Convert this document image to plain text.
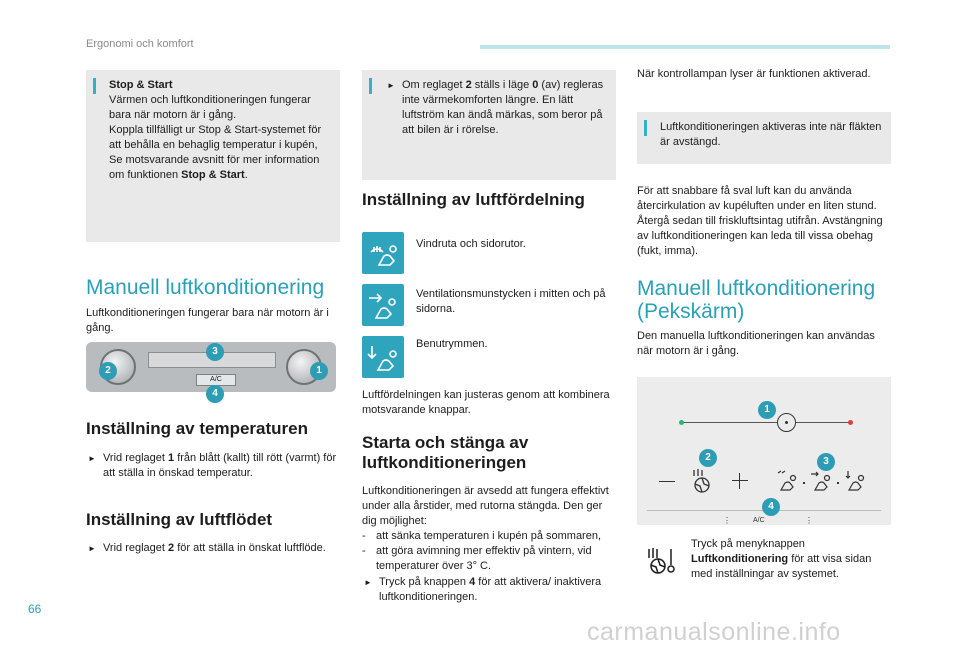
Ergonomi och komfort

Stop & Start

Värmen och luftkonditioneringen fungerar bara när motorn är i gång.

Koppla tillfälligt ur Stop & Start-systemet för att behålla en behaglig temperatur i kupén,

Se motsvarande avsnitt för mer information om funktionen Stop & Start.

Manuell luftkonditionering
Luftkonditioneringen fungerar bara när motorn är i gång.
A/C
3
2	1
4
Inställning av temperaturen
► Vrid reglaget 1 från blått (kallt) till rött (varmt) för att ställa in önskad temperatur.
Inställning av luftflödet
► Vrid reglaget 2 för att ställa in önskat luftflöde.
► Om reglaget 2 ställs i läge 0 (av) regleras inte värmekomforten längre. En lätt luftström kan ändå märkas, som beror på att bilen är i rörelse.
Inställning av luftfördelning
Vindruta och sidorutor.
Ventilationsmunstycken i mitten och på sidorna.
Benutrymmen.
Luftfördelningen kan justeras genom att kombinera motsvarande knappar.
Starta och stänga av luftkonditioneringen
Luftkonditioneringen är avsedd att fungera effektivt under alla årstider, med rutorna stängda. Den ger dig möjlighet:
- att sänka temperaturen i kupén på sommaren,
- att göra avimning mer effektiv på vintern, vid temperaturer över 3° C.
► Tryck på knappen 4 för att aktivera/ inaktivera luftkonditioneringen.
När kontrollampan lyser är funktionen aktiverad.
Luftkonditioneringen aktiveras inte när fläkten är avstängd.
För att snabbare få sval luft kan du använda återcirkulation av kupéluften under en liten stund. Återgå sedan till friskluftsintag utifrån. Avstängning av luftkonditioneringen kan leda till vissa obehag (fukt, imma).
Manuell luftkonditionering (Pekskärm)
Den manuella luftkonditioneringen kan användas när motorn är i gång.
1
2	3
A/C
⋮	⋮
4
Tryck på menyknappen Luftkonditionering för att visa sidan med inställningar av systemet.
66
carmanualsonline.info
